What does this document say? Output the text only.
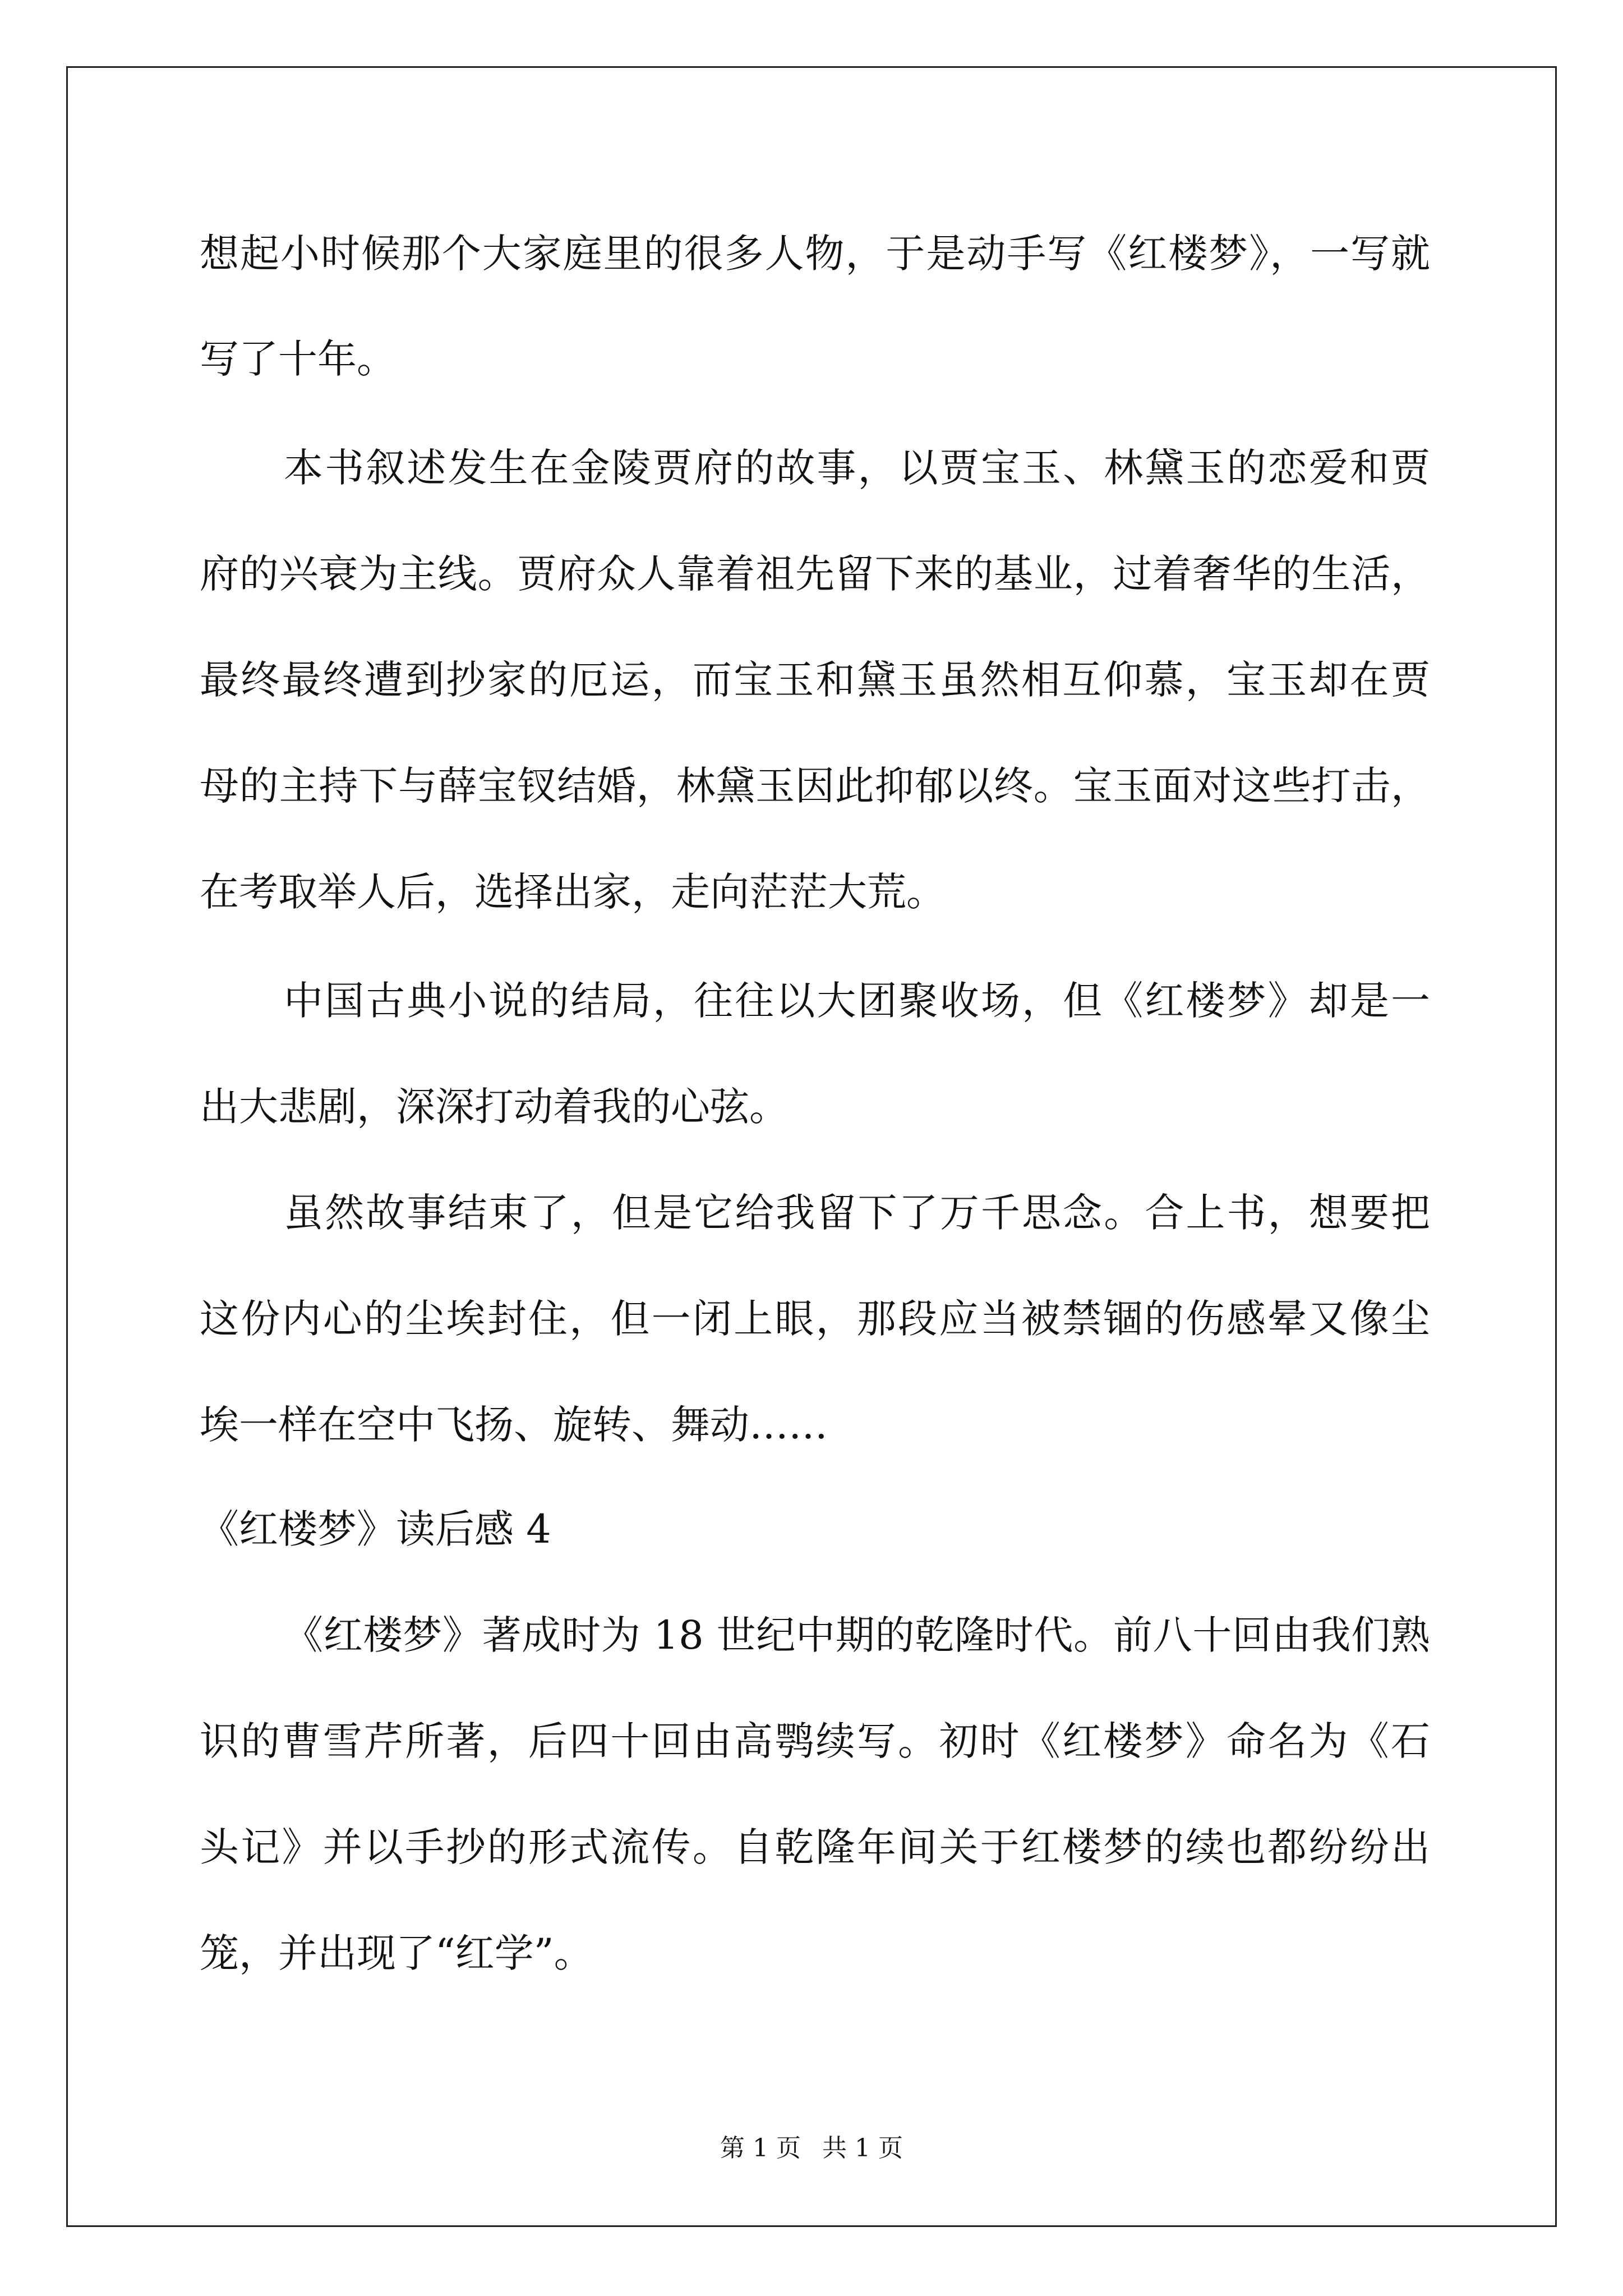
想起小时候那个大家庭里的很多人物，于是动手写《红楼梦》，一写就
写了十年。
本书叙述发生在金陵贾府的故事，以贾宝玉、林黛玉的恋爱和贾
府的兴衰为主线。贾府众人靠着祖先留下来的基业，过着奢华的生活，
最终最终遭到抄家的厄运，而宝玉和黛玉虽然相互仰慕，宝玉却在贾
母的主持下与薛宝钗结婚，林黛玉因此抑郁以终。宝玉面对这些打击，
在考取举人后，选择出家，走向茫茫大荒。
中国古典小说的结局，往往以大团聚收场，但《红楼梦》却是一
出大悲剧，深深打动着我的心弦。
虽然故事结束了，但是它给我留下了万千思念。合上书，想要把
这份内心的尘埃封住，但一闭上眼，那段应当被禁锢的伤感晕又像尘
埃一样在空中飞扬、旋转、舞动……
《红楼梦》读后感 4
《红楼梦》著成时为 18 世纪中期的乾隆时代。前八十回由我们熟
识的曹雪芹所著，后四十回由高鹗续写。初时《红楼梦》命名为《石
头记》并以手抄的形式流传。自乾隆年间关于红楼梦的续也都纷纷出
笼，并出现了“红学”。
第 1 页 共 1 页
